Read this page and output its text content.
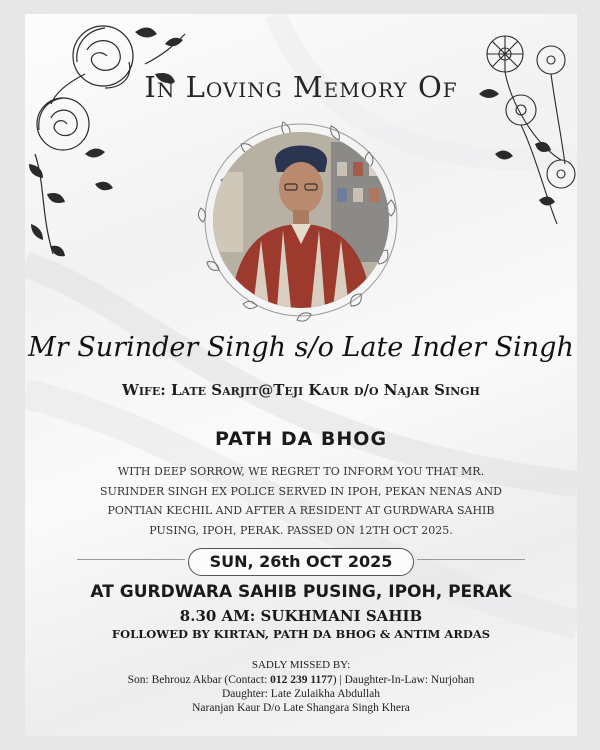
In Loving Memory Of
Mr Surinder Singh s/o Late Inder Singh
Wife: Late Sarjit@Teji Kaur d/o Najar Singh
PATH DA BHOG
WITH DEEP SORROW, WE REGRET TO INFORM YOU THAT MR. SURINDER SINGH EX POLICE SERVED IN IPOH, PEKAN NENAS AND PONTIAN KECHIL AND AFTER A RESIDENT AT GURDWARA SAHIB PUSING, IPOH, PERAK. PASSED ON 12TH OCT 2025.
SUN, 26th OCT 2025
AT GURDWARA SAHIB PUSING, IPOH, PERAK
8.30 AM: SUKHMANI SAHIB
FOLLOWED BY KIRTAN, PATH DA BHOG & ANTIM ARDAS
SADLY MISSED BY:
Son: Behrouz Akbar (Contact: 012 239 1177) | Daughter-In-Law: Nurjohan
Daughter: Late Zulaikha Abdullah
Naranjan Kaur D/o Late Shangara Singh Khera
